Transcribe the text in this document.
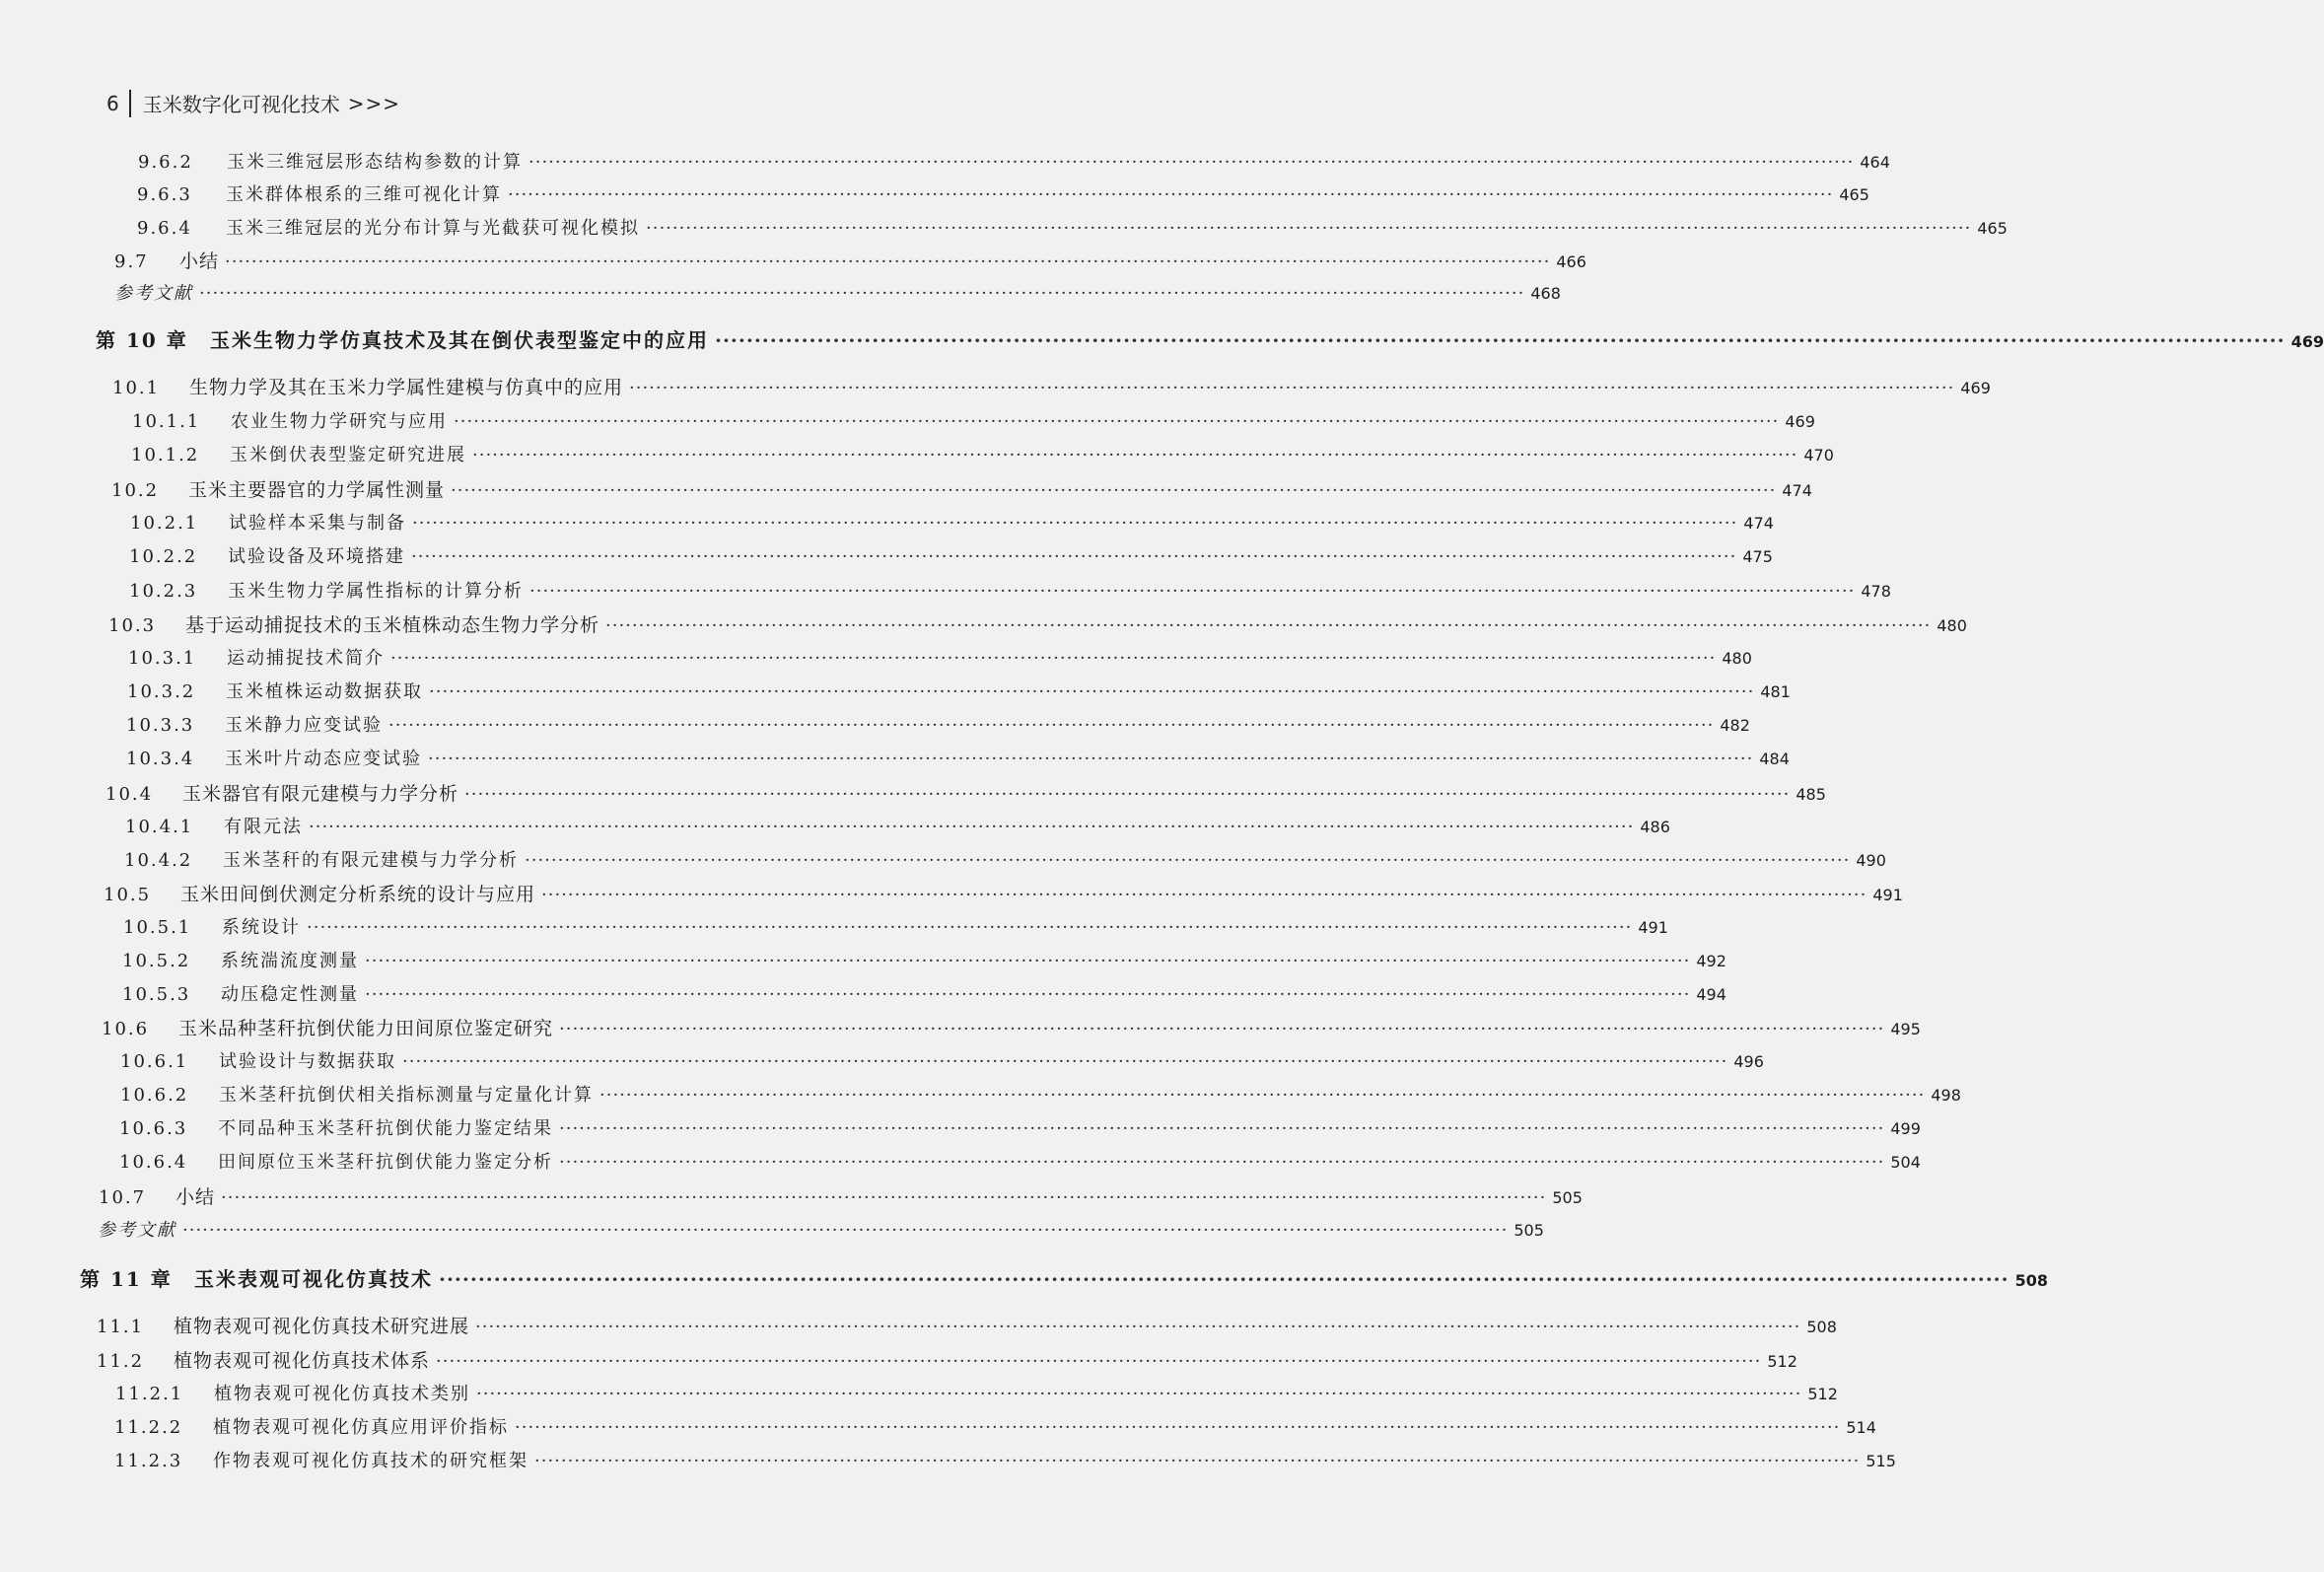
6 玉米数字化可视化技术 >>>
9.6.2	玉米三维冠层形态结构参数的计算 ········································································································································································································ 464
9.6.3	玉米群体根系的三维可视化计算 ········································································································································································································ 465
9.6.4	玉米三维冠层的光分布计算与光截获可视化模拟 ········································································································································································································ 465
9.7	小结 ········································································································································································································ 466
参考文献 ········································································································································································································ 468
第 10 章	玉米生物力学仿真技术及其在倒伏表型鉴定中的应用 ········································································································································································································ 469
10.1	生物力学及其在玉米力学属性建模与仿真中的应用 ········································································································································································································ 469
10.1.1	农业生物力学研究与应用 ········································································································································································································ 469
10.1.2	玉米倒伏表型鉴定研究进展 ········································································································································································································ 470
10.2	玉米主要器官的力学属性测量 ········································································································································································································ 474
10.2.1	试验样本采集与制备 ········································································································································································································ 474
10.2.2	试验设备及环境搭建 ········································································································································································································ 475
10.2.3	玉米生物力学属性指标的计算分析 ········································································································································································································ 478
10.3	基于运动捕捉技术的玉米植株动态生物力学分析 ········································································································································································································ 480
10.3.1	运动捕捉技术简介 ········································································································································································································ 480
10.3.2	玉米植株运动数据获取 ········································································································································································································ 481
10.3.3	玉米静力应变试验 ········································································································································································································ 482
10.3.4	玉米叶片动态应变试验 ········································································································································································································ 484
10.4	玉米器官有限元建模与力学分析 ········································································································································································································ 485
10.4.1	有限元法 ········································································································································································································ 486
10.4.2	玉米茎秆的有限元建模与力学分析 ········································································································································································································ 490
10.5	玉米田间倒伏测定分析系统的设计与应用 ········································································································································································································ 491
10.5.1	系统设计 ········································································································································································································ 491
10.5.2	系统湍流度测量 ········································································································································································································ 492
10.5.3	动压稳定性测量 ········································································································································································································ 494
10.6	玉米品种茎秆抗倒伏能力田间原位鉴定研究 ········································································································································································································ 495
10.6.1	试验设计与数据获取 ········································································································································································································ 496
10.6.2	玉米茎秆抗倒伏相关指标测量与定量化计算 ········································································································································································································ 498
10.6.3	不同品种玉米茎秆抗倒伏能力鉴定结果 ········································································································································································································ 499
10.6.4	田间原位玉米茎秆抗倒伏能力鉴定分析 ········································································································································································································ 504
10.7	小结 ········································································································································································································ 505
参考文献 ········································································································································································································ 505
第 11 章	玉米表观可视化仿真技术 ········································································································································································································ 508
11.1	植物表观可视化仿真技术研究进展 ········································································································································································································ 508
11.2	植物表观可视化仿真技术体系 ········································································································································································································ 512
11.2.1	植物表观可视化仿真技术类别 ········································································································································································································ 512
11.2.2	植物表观可视化仿真应用评价指标 ········································································································································································································ 514
11.2.3	作物表观可视化仿真技术的研究框架 ········································································································································································································ 515
